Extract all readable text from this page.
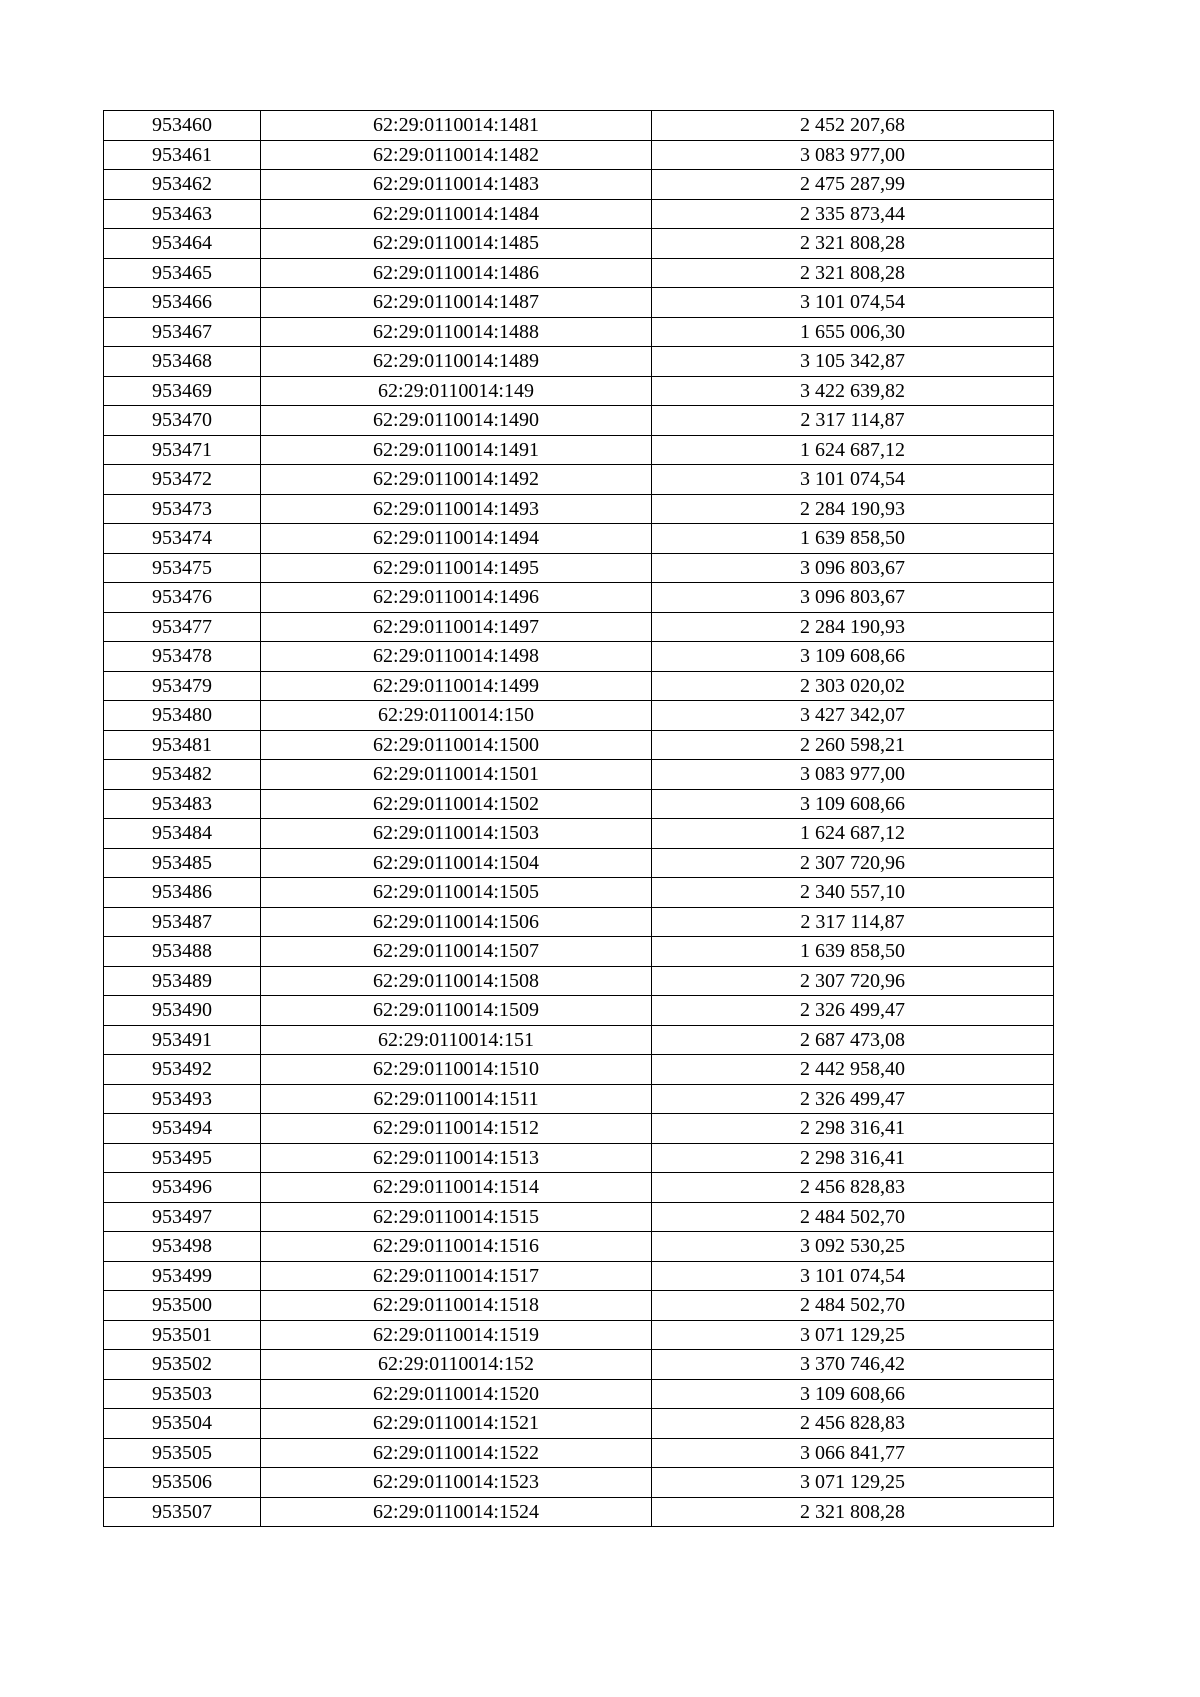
953460	62:29:0110014:1481	2 452 207,68
953461	62:29:0110014:1482	3 083 977,00
953462	62:29:0110014:1483	2 475 287,99
953463	62:29:0110014:1484	2 335 873,44
953464	62:29:0110014:1485	2 321 808,28
953465	62:29:0110014:1486	2 321 808,28
953466	62:29:0110014:1487	3 101 074,54
953467	62:29:0110014:1488	1 655 006,30
953468	62:29:0110014:1489	3 105 342,87
953469	62:29:0110014:149	3 422 639,82
953470	62:29:0110014:1490	2 317 114,87
953471	62:29:0110014:1491	1 624 687,12
953472	62:29:0110014:1492	3 101 074,54
953473	62:29:0110014:1493	2 284 190,93
953474	62:29:0110014:1494	1 639 858,50
953475	62:29:0110014:1495	3 096 803,67
953476	62:29:0110014:1496	3 096 803,67
953477	62:29:0110014:1497	2 284 190,93
953478	62:29:0110014:1498	3 109 608,66
953479	62:29:0110014:1499	2 303 020,02
953480	62:29:0110014:150	3 427 342,07
953481	62:29:0110014:1500	2 260 598,21
953482	62:29:0110014:1501	3 083 977,00
953483	62:29:0110014:1502	3 109 608,66
953484	62:29:0110014:1503	1 624 687,12
953485	62:29:0110014:1504	2 307 720,96
953486	62:29:0110014:1505	2 340 557,10
953487	62:29:0110014:1506	2 317 114,87
953488	62:29:0110014:1507	1 639 858,50
953489	62:29:0110014:1508	2 307 720,96
953490	62:29:0110014:1509	2 326 499,47
953491	62:29:0110014:151	2 687 473,08
953492	62:29:0110014:1510	2 442 958,40
953493	62:29:0110014:1511	2 326 499,47
953494	62:29:0110014:1512	2 298 316,41
953495	62:29:0110014:1513	2 298 316,41
953496	62:29:0110014:1514	2 456 828,83
953497	62:29:0110014:1515	2 484 502,70
953498	62:29:0110014:1516	3 092 530,25
953499	62:29:0110014:1517	3 101 074,54
953500	62:29:0110014:1518	2 484 502,70
953501	62:29:0110014:1519	3 071 129,25
953502	62:29:0110014:152	3 370 746,42
953503	62:29:0110014:1520	3 109 608,66
953504	62:29:0110014:1521	2 456 828,83
953505	62:29:0110014:1522	3 066 841,77
953506	62:29:0110014:1523	3 071 129,25
953507	62:29:0110014:1524	2 321 808,28
